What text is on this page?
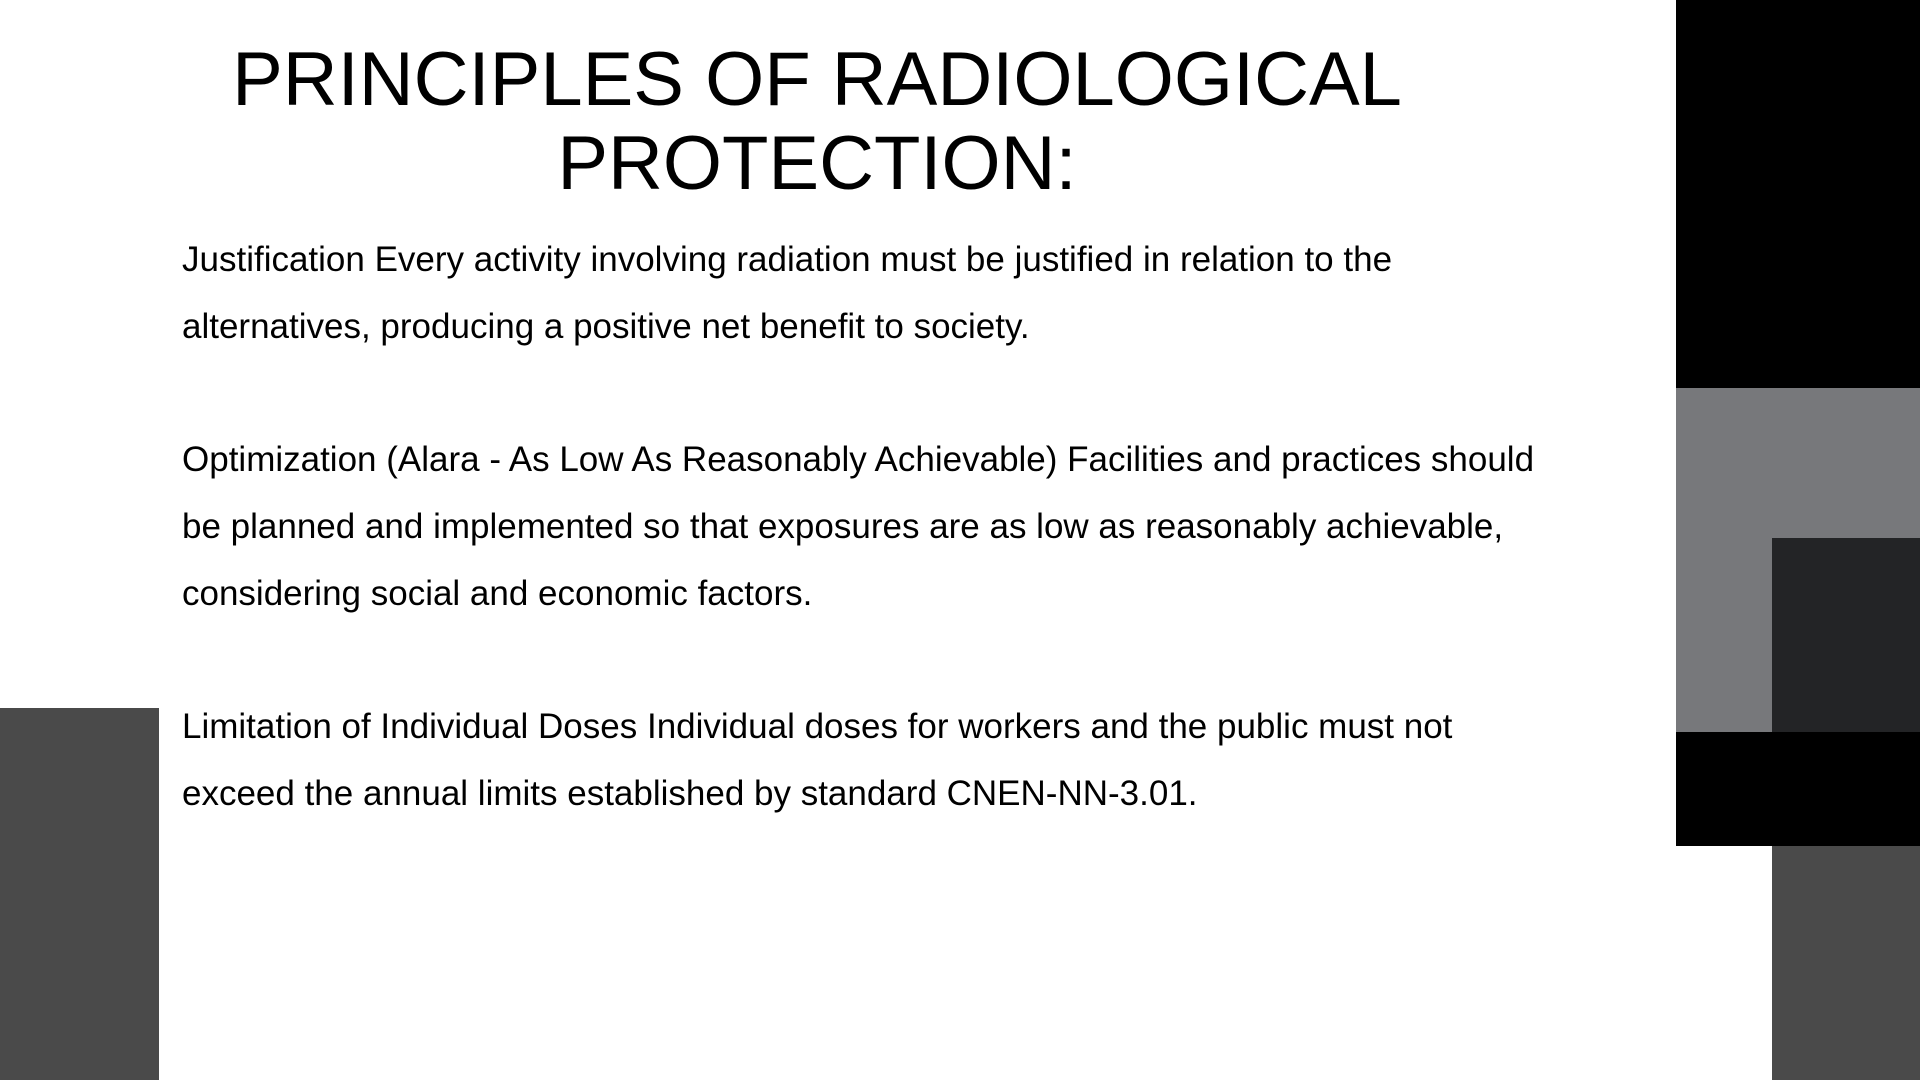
PRINCIPLES OF RADIOLOGICAL PROTECTION:

Justification Every activity involving radiation must be justified in relation to the alternatives, producing a positive net benefit to society.

Optimization (Alara - As Low As Reasonably Achievable) Facilities and practices should be planned and implemented so that exposures are as low as reasonably achievable, considering social and economic factors.

Limitation of Individual Doses Individual doses for workers and the public must not exceed the annual limits established by standard CNEN-NN-3.01.
